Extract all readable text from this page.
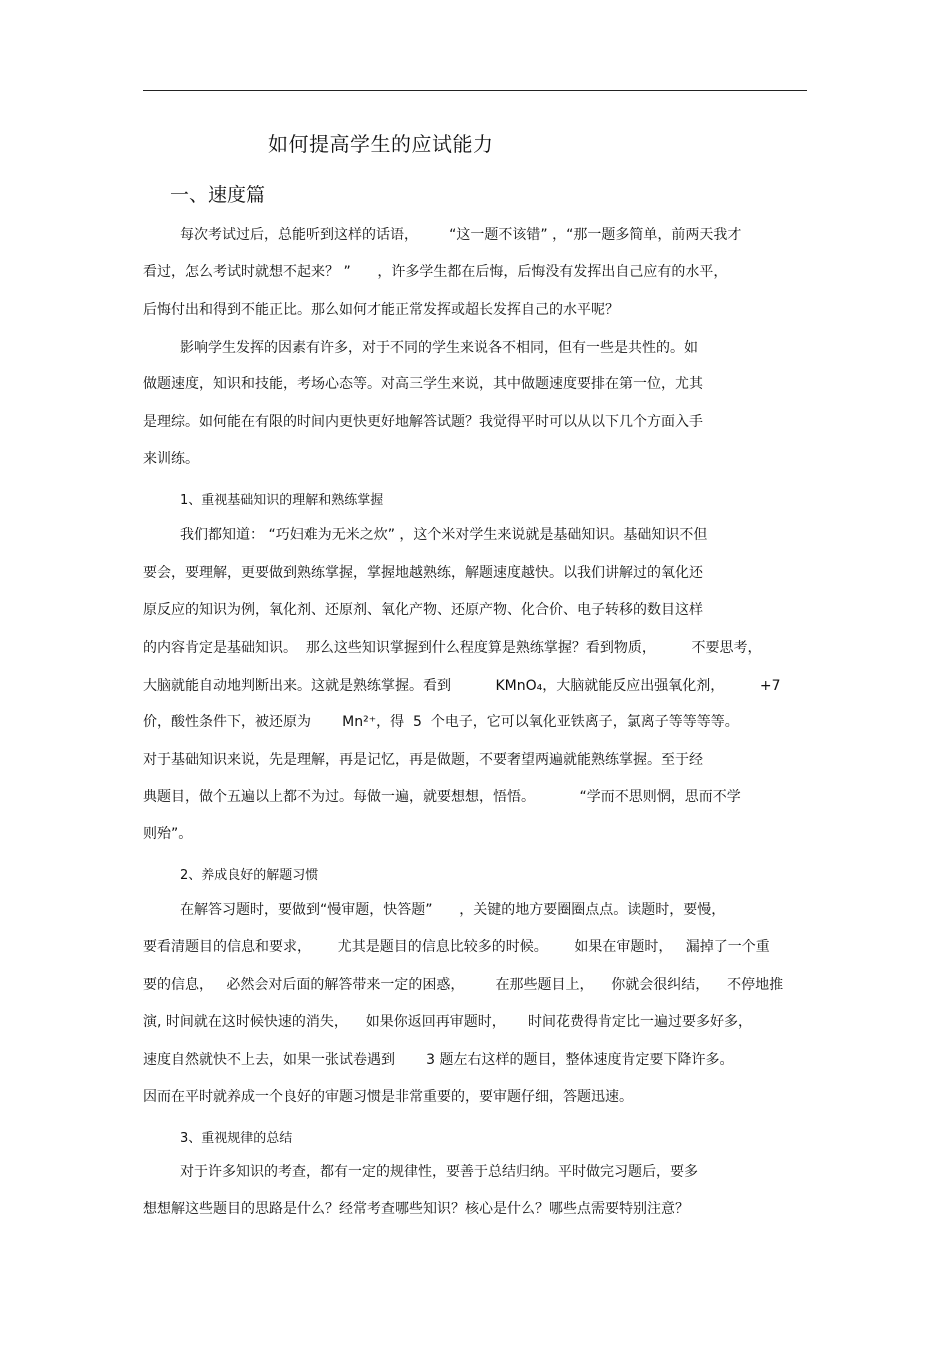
如何提高学生的应试能力
一、速度篇
每次考试过后，总能听到这样的话语，       “这一题不该错” ，“那一题多简单，前两天我才
看过，怎么考试时就想不起来？ ”      ，许多学生都在后悔，后悔没有发挥出自己应有的水平，
后悔付出和得到不能正比。那么如何才能正常发挥或超长发挥自己的水平呢？
影响学生发挥的因素有许多，对于不同的学生来说各不相同，但有一些是共性的。如
做题速度，知识和技能，考场心态等。对高三学生来说，其中做题速度要排在第一位，尤其
是理综。如何能在有限的时间内更快更好地解答试题？我觉得平时可以从以下几个方面入手
来训练。
1、重视基础知识的理解和熟练掌握
我们都知道： “巧妇难为无米之炊” ，这个米对学生来说就是基础知识。基础知识不但
要会，要理解，更要做到熟练掌握，掌握地越熟练，解题速度越快。以我们讲解过的氧化还
原反应的知识为例，氧化剂、还原剂、氧化产物、还原产物、化合价、电子转移的数目这样
的内容肯定是基础知识。  那么这些知识掌握到什么程度算是熟练掌握？看到物质，        不要思考，
大脑就能自动地判断出来。这就是熟练掌握。看到          KMnO₄，大脑就能反应出强氧化剂，        +7
价，酸性条件下，被还原为       Mn²⁺，得  5  个电子，它可以氧化亚铁离子，氯离子等等等等。
对于基础知识来说，先是理解，再是记忆，再是做题，不要奢望两遍就能熟练掌握。至于经
典题目，做个五遍以上都不为过。每做一遍，就要想想，悟悟。          “学而不思则惘，思而不学
则殆”。
2、养成良好的解题习惯
在解答习题时，要做到“慢审题，快答题”      ，关键的地方要圈圈点点。读题时，要慢，
要看清题目的信息和要求，      尤其是题目的信息比较多的时候。      如果在审题时，   漏掉了一个重
要的信息，   必然会对后面的解答带来一定的困惑，       在那些题目上，    你就会很纠结，    不停地推
演, 时间就在这时候快速的消失，    如果你返回再审题时，     时间花费得肯定比一遍过要多好多，
速度自然就快不上去，如果一张试卷遇到       3 题左右这样的题目，整体速度肯定要下降许多。
因而在平时就养成一个良好的审题习惯是非常重要的，要审题仔细，答题迅速。
3、重视规律的总结
对于许多知识的考查，都有一定的规律性，要善于总结归纳。平时做完习题后，要多
想想解这些题目的思路是什么？经常考查哪些知识？核心是什么？哪些点需要特别注意？
